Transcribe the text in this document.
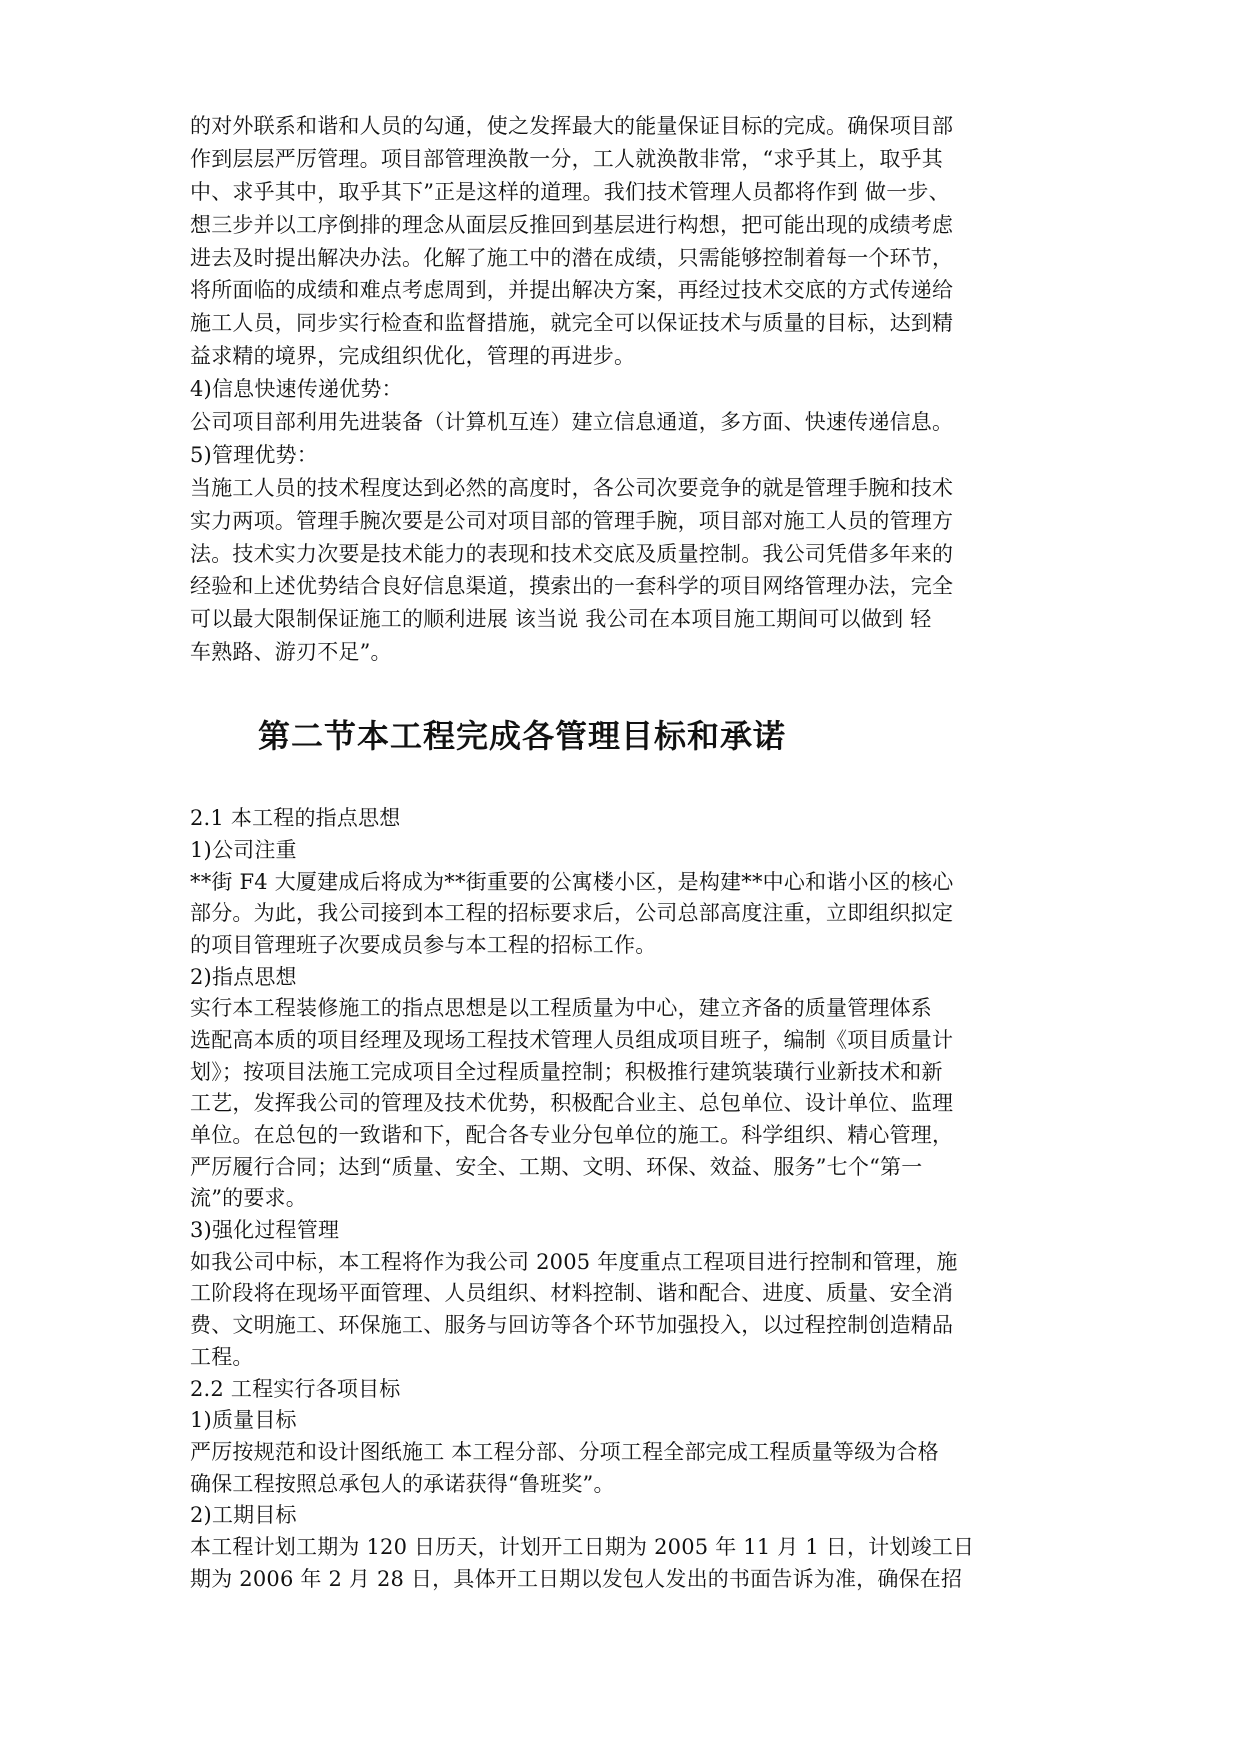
的对外联系和谐和人员的勾通，使之发挥最大的能量保证目标的完成。确保项目部
作到层层严厉管理。项目部管理涣散一分，工人就涣散非常，“求乎其上，取乎其
中、求乎其中，取乎其下”正是这样的道理。我们技术管理人员都将作到 做一步、
想三步并以工序倒排的理念从面层反推回到基层进行构想，把可能出现的成绩考虑
进去及时提出解决办法。化解了施工中的潜在成绩，只需能够控制着每一个环节，
将所面临的成绩和难点考虑周到，并提出解决方案，再经过技术交底的方式传递给
施工人员，同步实行检查和监督措施，就完全可以保证技术与质量的目标，达到精
益求精的境界，完成组织优化，管理的再进步。
4)信息快速传递优势：
公司项目部利用先进装备（计算机互连）建立信息通道，多方面、快速传递信息。
5)管理优势：
当施工人员的技术程度达到必然的高度时，各公司次要竞争的就是管理手腕和技术
实力两项。管理手腕次要是公司对项目部的管理手腕，项目部对施工人员的管理方
法。技术实力次要是技术能力的表现和技术交底及质量控制。我公司凭借多年来的
经验和上述优势结合良好信息渠道，摸索出的一套科学的项目网络管理办法，完全
可以最大限制保证施工的顺利进展 该当说 我公司在本项目施工期间可以做到 轻
车熟路、游刃不足”。
第二节本工程完成各管理目标和承诺
2.1 本工程的指点思想
1)公司注重
**街 F4 大厦建成后将成为**街重要的公寓楼小区，是构建**中心和谐小区的核心
部分。为此，我公司接到本工程的招标要求后，公司总部高度注重，立即组织拟定
的项目管理班子次要成员参与本工程的招标工作。
2)指点思想
实行本工程装修施工的指点思想是以工程质量为中心，建立齐备的质量管理体系
选配高本质的项目经理及现场工程技术管理人员组成项目班子，编制《项目质量计
划》；按项目法施工完成项目全过程质量控制；积极推行建筑装璜行业新技术和新
工艺，发挥我公司的管理及技术优势，积极配合业主、总包单位、设计单位、监理
单位。在总包的一致谐和下，配合各专业分包单位的施工。科学组织、精心管理，
严厉履行合同；达到“质量、安全、工期、文明、环保、效益、服务”七个“第一
流”的要求。
3)强化过程管理
如我公司中标，本工程将作为我公司 2005 年度重点工程项目进行控制和管理，施
工阶段将在现场平面管理、人员组织、材料控制、谐和配合、进度、质量、安全消
费、文明施工、环保施工、服务与回访等各个环节加强投入，以过程控制创造精品
工程。
2.2 工程实行各项目标
1)质量目标
严厉按规范和设计图纸施工 本工程分部、分项工程全部完成工程质量等级为合格
确保工程按照总承包人的承诺获得“鲁班奖”。
2)工期目标
本工程计划工期为 120 日历天，计划开工日期为 2005 年 11 月 1 日，计划竣工日
期为 2006 年 2 月 28 日，具体开工日期以发包人发出的书面告诉为准，确保在招
